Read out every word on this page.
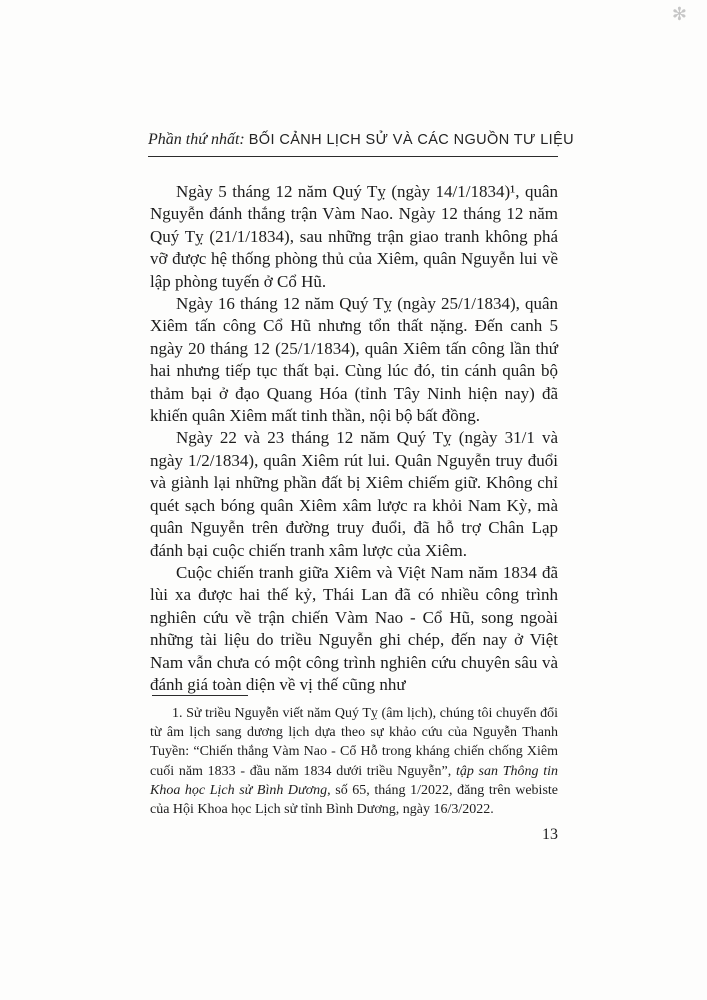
✻
Phần thứ nhất: BỐI CẢNH LỊCH SỬ VÀ CÁC NGUỒN TƯ LIỆU

Ngày 5 tháng 12 năm Quý Tỵ (ngày 14/1/1834)¹, quân Nguyễn đánh thắng trận Vàm Nao. Ngày 12 tháng 12 năm Quý Tỵ (21/1/1834), sau những trận giao tranh không phá vỡ được hệ thống phòng thủ của Xiêm, quân Nguyễn lui về lập phòng tuyến ở Cổ Hũ.

Ngày 16 tháng 12 năm Quý Tỵ (ngày 25/1/1834), quân Xiêm tấn công Cổ Hũ nhưng tổn thất nặng. Đến canh 5 ngày 20 tháng 12 (25/1/1834), quân Xiêm tấn công lần thứ hai nhưng tiếp tục thất bại. Cùng lúc đó, tin cánh quân bộ thảm bại ở đạo Quang Hóa (tỉnh Tây Ninh hiện nay) đã khiến quân Xiêm mất tinh thần, nội bộ bất đồng.

Ngày 22 và 23 tháng 12 năm Quý Tỵ (ngày 31/1 và ngày 1/2/1834), quân Xiêm rút lui. Quân Nguyễn truy đuổi và giành lại những phần đất bị Xiêm chiếm giữ. Không chỉ quét sạch bóng quân Xiêm xâm lược ra khỏi Nam Kỳ, mà quân Nguyễn trên đường truy đuổi, đã hỗ trợ Chân Lạp đánh bại cuộc chiến tranh xâm lược của Xiêm.

Cuộc chiến tranh giữa Xiêm và Việt Nam năm 1834 đã lùi xa được hai thế kỷ, Thái Lan đã có nhiều công trình nghiên cứu về trận chiến Vàm Nao - Cổ Hũ, song ngoài những tài liệu do triều Nguyễn ghi chép, đến nay ở Việt Nam vẫn chưa có một công trình nghiên cứu chuyên sâu và đánh giá toàn diện về vị thế cũng như

1. Sử triều Nguyễn viết năm Quý Tỵ (âm lịch), chúng tôi chuyển đổi từ âm lịch sang dương lịch dựa theo sự khảo cứu của Nguyễn Thanh Tuyền: “Chiến thắng Vàm Nao - Cổ Hỗ trong kháng chiến chống Xiêm cuối năm 1833 - đầu năm 1834 dưới triều Nguyễn”, tập san Thông tin Khoa học Lịch sử Bình Dương, số 65, tháng 1/2022, đăng trên webiste của Hội Khoa học Lịch sử tỉnh Bình Dương, ngày 16/3/2022.

13
